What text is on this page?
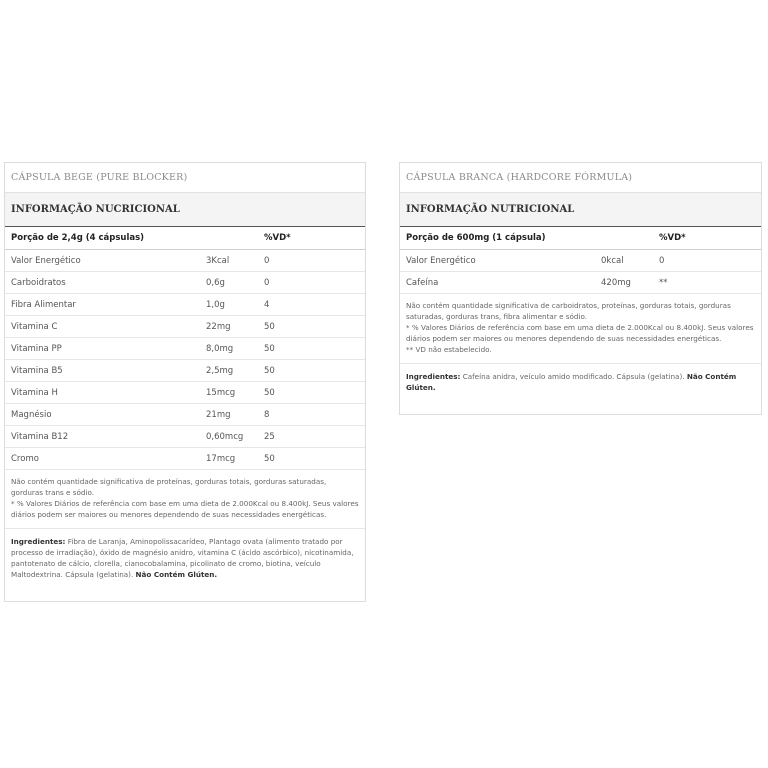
CÁPSULA BEGE (PURE BLOCKER)
INFORMAÇÃO NUCRICIONAL
Porção de 2,4g (4 cápsulas)		%VD*
Valor Energético	3Kcal	0
Carboidratos	0,6g	0
Fibra Alimentar	1,0g	4
Vitamina C	22mg	50
Vitamina PP	8,0mg	50
Vitamina B5	2,5mg	50
Vitamina H	15mcg	50
Magnésio	21mg	8
Vitamina B12	0,60mcg	25
Cromo	17mcg	50
Não contém quantidade significativa de proteínas, gorduras totais, gorduras saturadas, gorduras trans e sódio.
* % Valores Diários de referência com base em uma dieta de 2.000Kcal ou 8.400kJ. Seus valores diários podem ser maiores ou menores dependendo de suas necessidades energéticas.
Ingredientes: Fibra de Laranja, Aminopolissacarídeo, Plantago ovata (alimento tratado por processo de irradiação), óxido de magnésio anidro, vitamina C (ácido ascórbico), nicotinamida, pantotenato de cálcio, clorella, cianocobalamina, picolinato de cromo, biotina, veículo Maltodextrina. Cápsula (gelatina). Não Contém Glúten.
CÁPSULA BRANCA (HARDCORE FÓRMULA)
INFORMAÇÃO NUTRICIONAL
Porção de 600mg (1 cápsula)		%VD*
Valor Energético	0kcal	0
Cafeína	420mg	**
Não contém quantidade significativa de carboidratos, proteínas, gorduras totais, gorduras saturadas, gorduras trans, fibra alimentar e sódio.
* % Valores Diários de referência com base em uma dieta de 2.000Kcal ou 8.400kJ. Seus valores diários podem ser maiores ou menores dependendo de suas necessidades energéticas.
** VD não estabelecido.
Ingredientes: Cafeína anidra, veículo amido modificado. Cápsula (gelatina). Não Contém Glúten.
